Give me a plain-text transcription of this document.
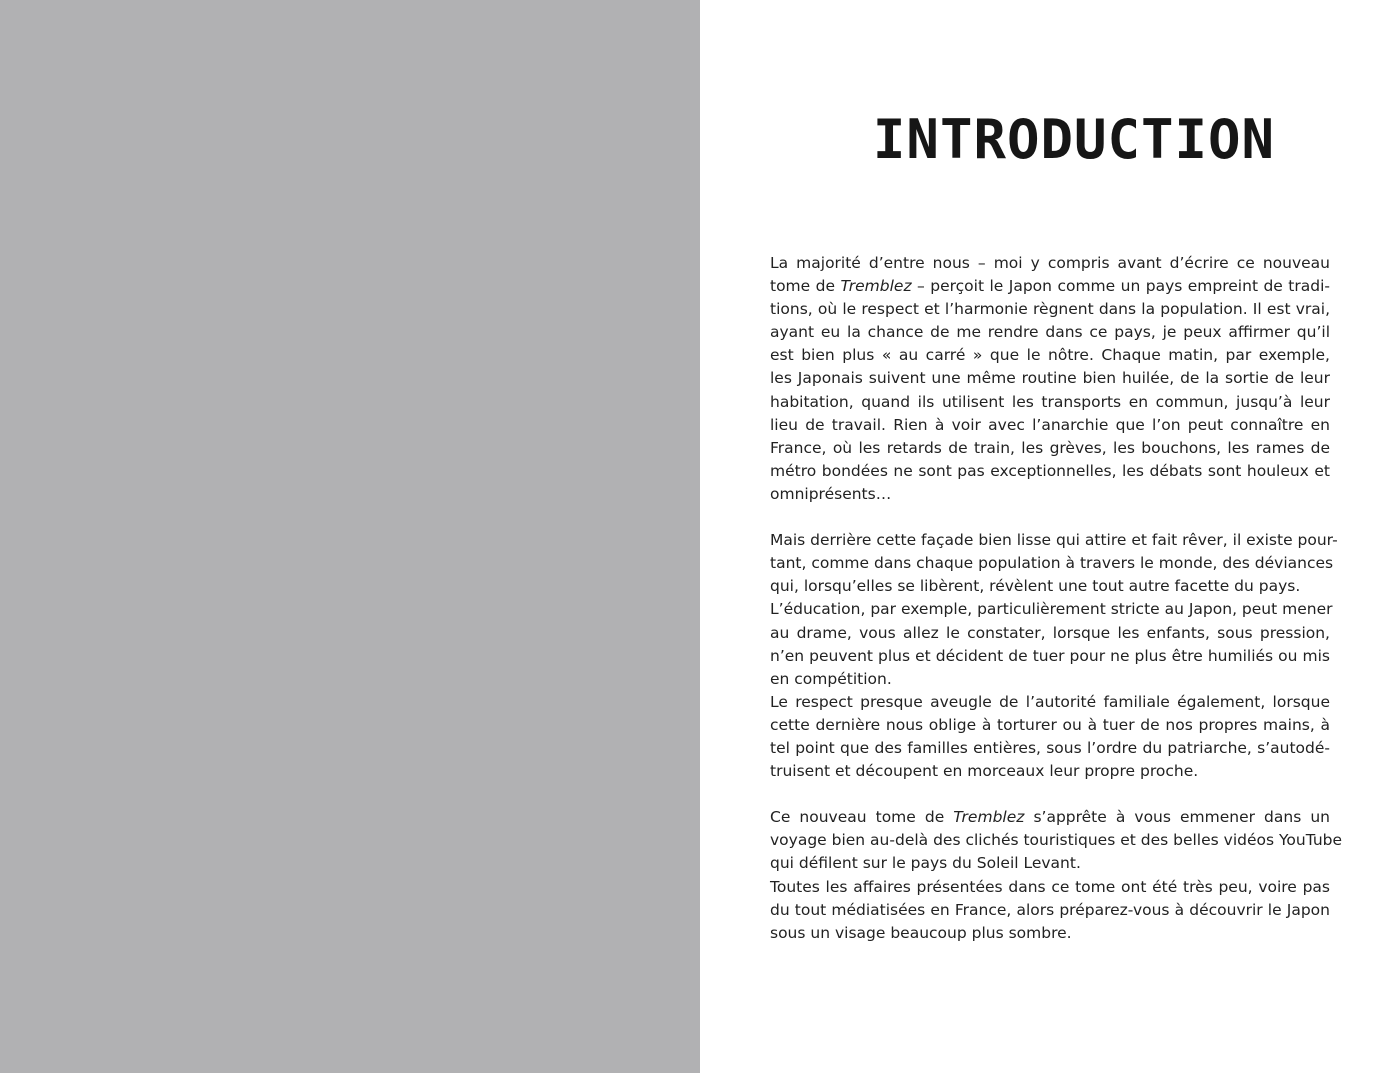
INTRODUCTION
La majorité d’entre nous – moi y compris avant d’écrire ce nouveau
tome de Tremblez – perçoit le Japon comme un pays empreint de tradi-
tions, où le respect et l’harmonie règnent dans la population. Il est vrai,
ayant eu la chance de me rendre dans ce pays, je peux affirmer qu’il
est bien plus « au carré » que le nôtre. Chaque matin, par exemple,
les Japonais suivent une même routine bien huilée, de la sortie de leur
habitation, quand ils utilisent les transports en commun, jusqu’à leur
lieu de travail. Rien à voir avec l’anarchie que l’on peut connaître en
France, où les retards de train, les grèves, les bouchons, les rames de
métro bondées ne sont pas exceptionnelles, les débats sont houleux et
omniprésents…
Mais derrière cette façade bien lisse qui attire et fait rêver, il existe pour-
tant, comme dans chaque population à travers le monde, des déviances
qui, lorsqu’elles se libèrent, révèlent une tout autre facette du pays.
L’éducation, par exemple, particulièrement stricte au Japon, peut mener
au drame, vous allez le constater, lorsque les enfants, sous pression,
n’en peuvent plus et décident de tuer pour ne plus être humiliés ou mis
en compétition.
Le respect presque aveugle de l’autorité familiale également, lorsque
cette dernière nous oblige à torturer ou à tuer de nos propres mains, à
tel point que des familles entières, sous l’ordre du patriarche, s’autodé-
truisent et découpent en morceaux leur propre proche.
Ce nouveau tome de Tremblez s’apprête à vous emmener dans un
voyage bien au-delà des clichés touristiques et des belles vidéos YouTube
qui défilent sur le pays du Soleil Levant.
Toutes les affaires présentées dans ce tome ont été très peu, voire pas
du tout médiatisées en France, alors préparez-vous à découvrir le Japon
sous un visage beaucoup plus sombre.
